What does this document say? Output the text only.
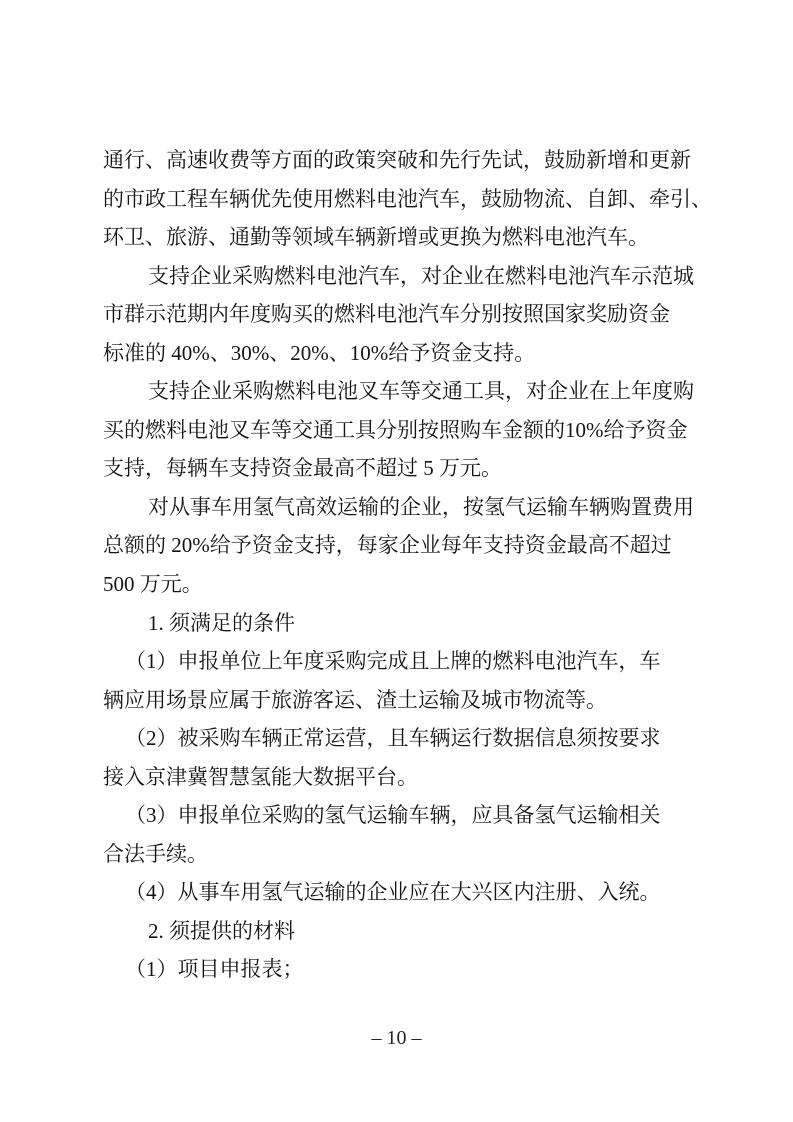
通行、高速收费等方面的政策突破和先行先试，鼓励新增和更新
的市政工程车辆优先使用燃料电池汽车，鼓励物流、自卸、牵引、
环卫、旅游、通勤等领域车辆新增或更换为燃料电池汽车。
支持企业采购燃料电池汽车，对企业在燃料电池汽车示范城
市群示范期内年度购买的燃料电池汽车分别按照国家奖励资金
标准的 40%、30%、20%、10%给予资金支持。
支持企业采购燃料电池叉车等交通工具，对企业在上年度购
买的燃料电池叉车等交通工具分别按照购车金额的10%给予资金
支持，每辆车支持资金最高不超过 5 万元。
对从事车用氢气高效运输的企业，按氢气运输车辆购置费用
总额的 20%给予资金支持，每家企业每年支持资金最高不超过
500 万元。
1. 须满足的条件
（1）申报单位上年度采购完成且上牌的燃料电池汽车，车
辆应用场景应属于旅游客运、渣土运输及城市物流等。
（2）被采购车辆正常运营，且车辆运行数据信息须按要求
接入京津冀智慧氢能大数据平台。
（3）申报单位采购的氢气运输车辆，应具备氢气运输相关
合法手续。
（4）从事车用氢气运输的企业应在大兴区内注册、入统。
2. 须提供的材料
（1）项目申报表；
– 10 –
